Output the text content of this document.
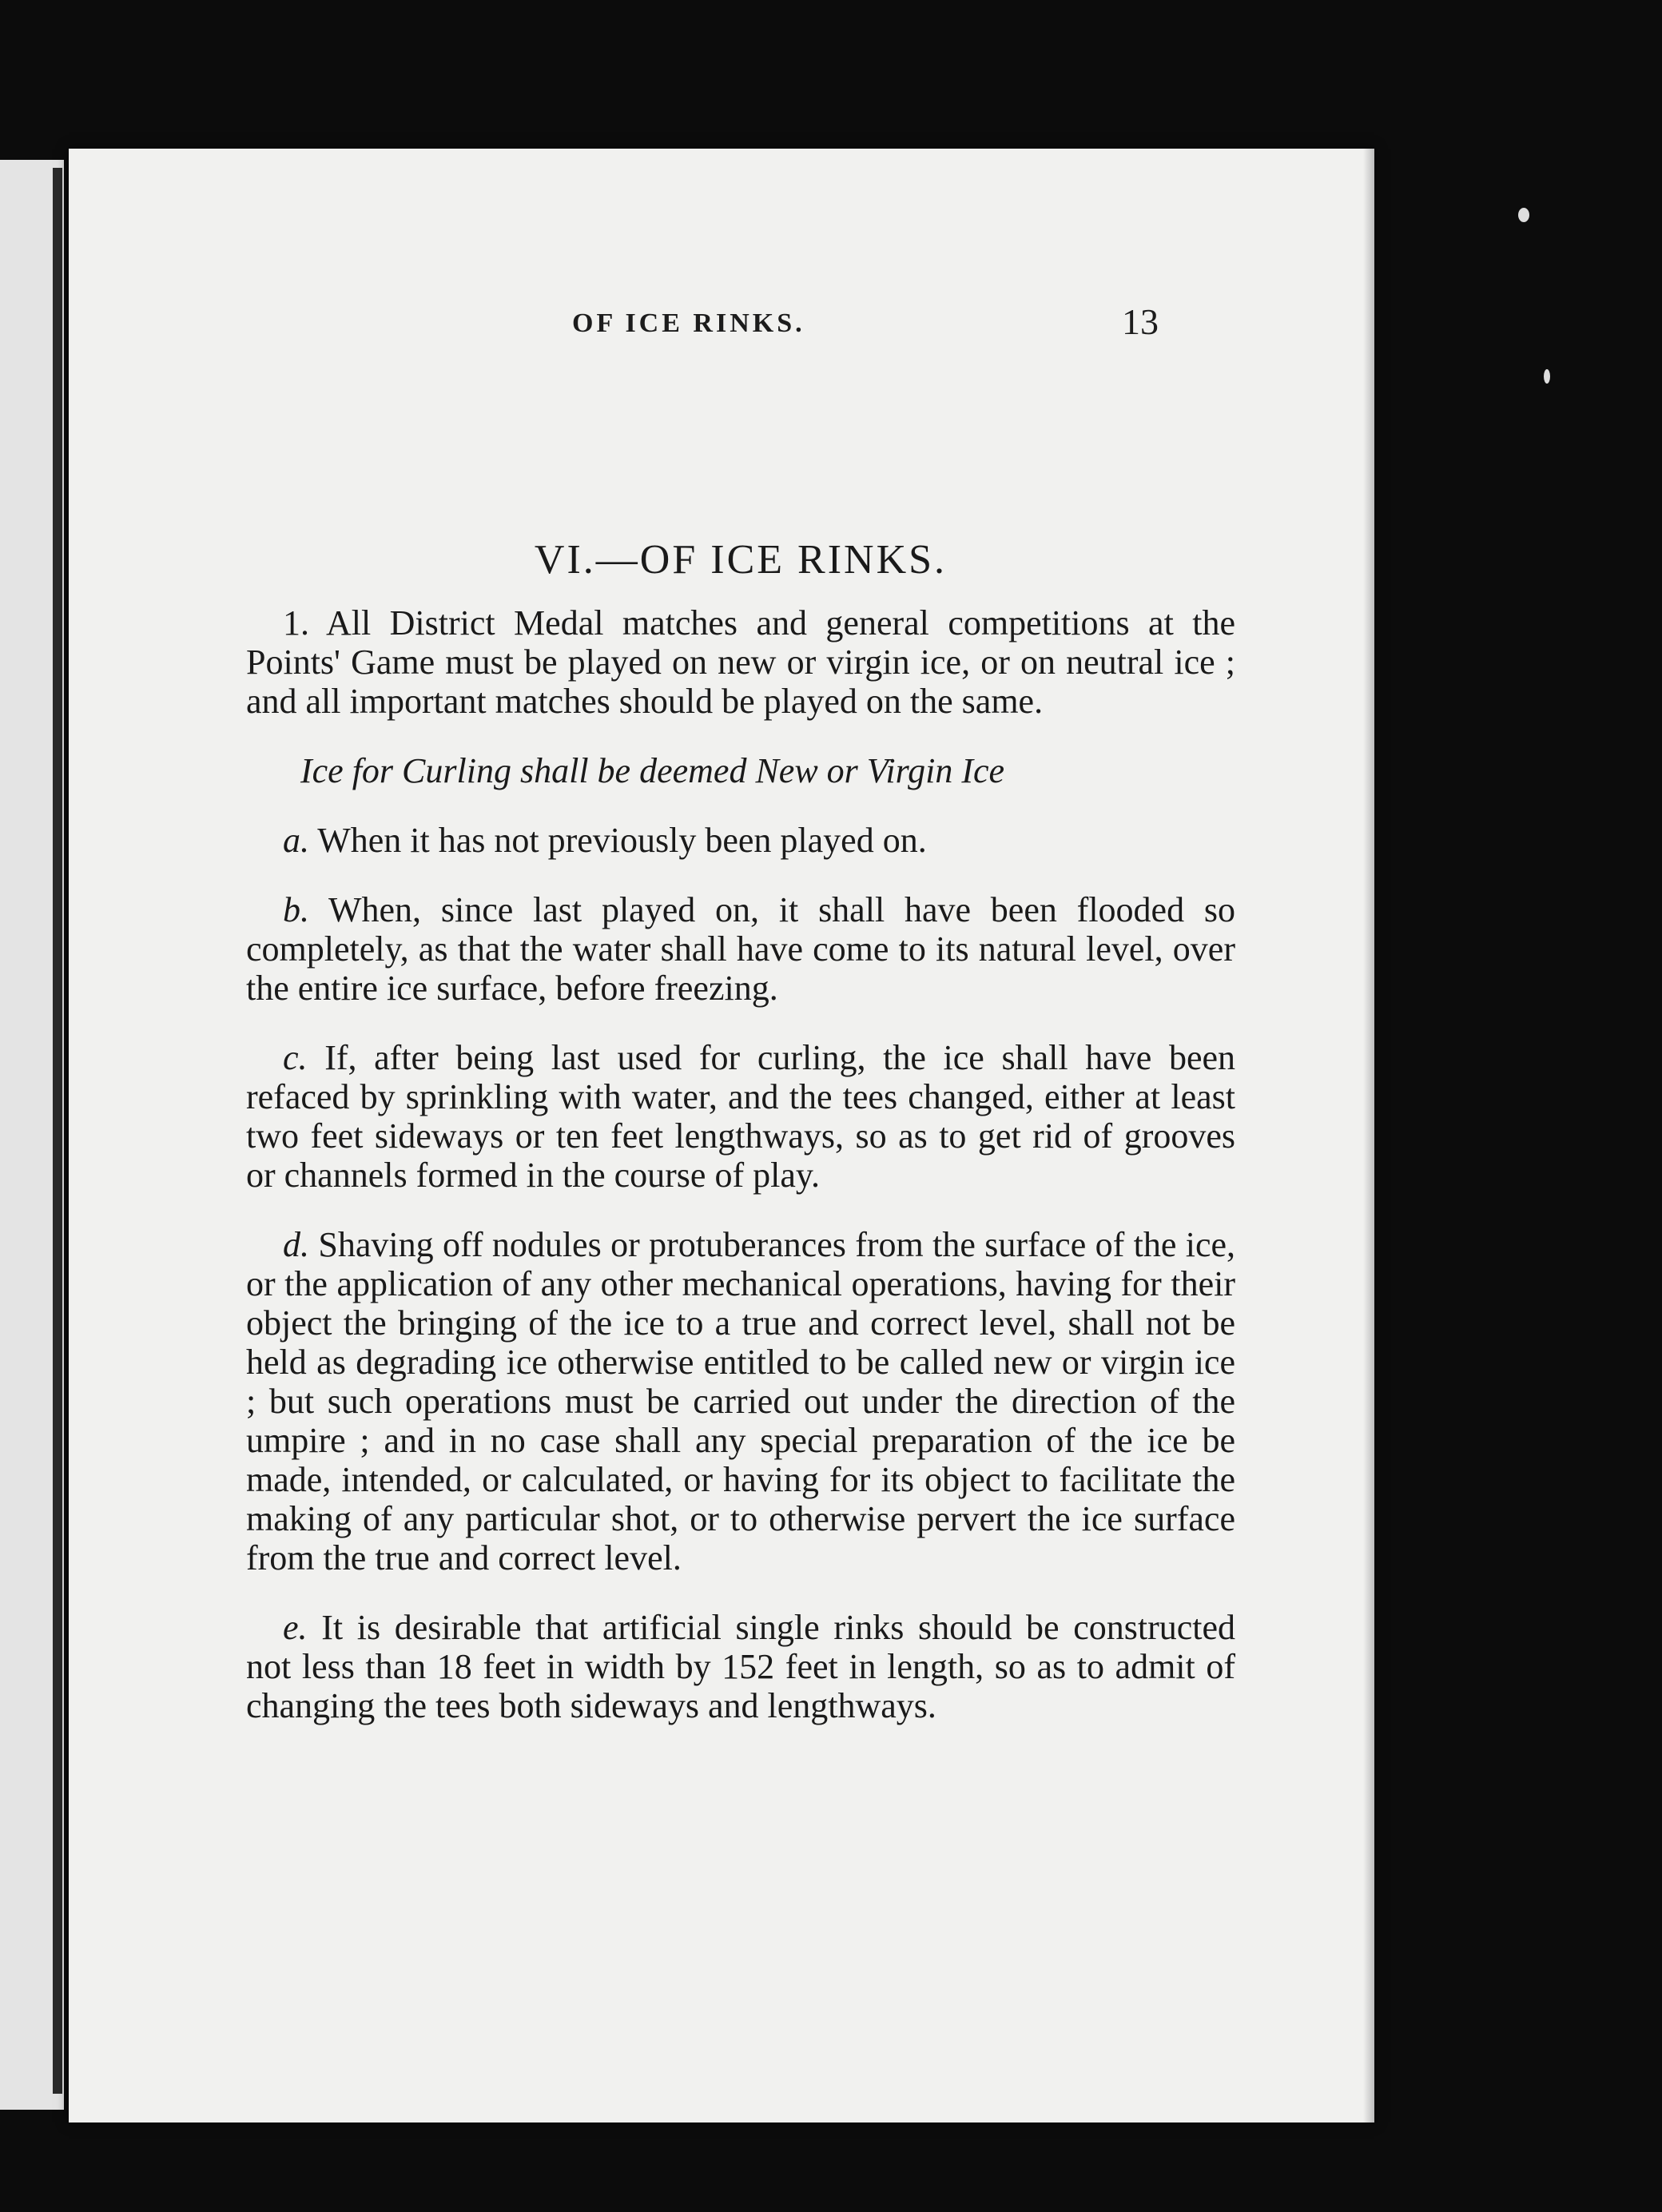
OF ICE RINKS.	13
VI.—OF ICE RINKS.

1. All District Medal matches and general competitions at the Points' Game must be played on new or virgin ice, or on neutral ice ; and all important matches should be played on the same.

Ice for Curling shall be deemed New or Virgin Ice

a. When it has not previously been played on.

b. When, since last played on, it shall have been flooded so completely, as that the water shall have come to its natural level, over the entire ice surface, before freezing.

c. If, after being last used for curling, the ice shall have been refaced by sprinkling with water, and the tees changed, either at least two feet sideways or ten feet lengthways, so as to get rid of grooves or channels formed in the course of play.

d. Shaving off nodules or protuberances from the surface of the ice, or the application of any other mechanical operations, having for their object the bringing of the ice to a true and correct level, shall not be held as degrading ice otherwise entitled to be called new or virgin ice ; but such operations must be carried out under the direction of the umpire ; and in no case shall any special preparation of the ice be made, intended, or calculated, or having for its object to facilitate the making of any particular shot, or to otherwise pervert the ice surface from the true and correct level.

e. It is desirable that artificial single rinks should be constructed not less than 18 feet in width by 152 feet in length, so as to admit of changing the tees both sideways and lengthways.
